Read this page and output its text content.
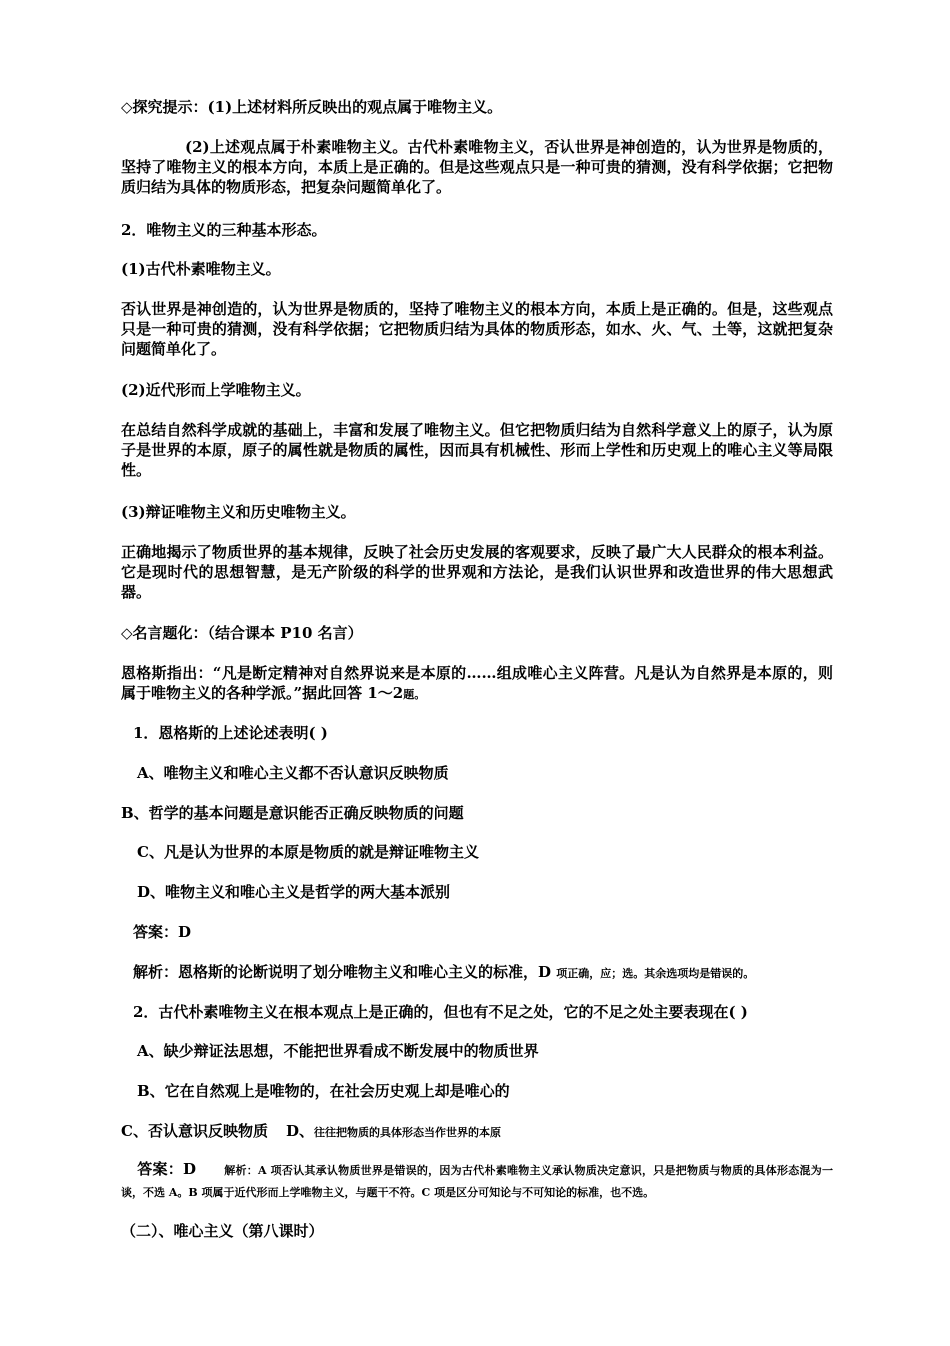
◇探究提示：(1)上述材料所反映出的观点属于唯物主义。

(2)上述观点属于朴素唯物主义。古代朴素唯物主义，否认世界是神创造的，认为世界是物质的，坚持了唯物主义的根本方向，本质上是正确的。但是这些观点只是一种可贵的猜测，没有科学依据；它把物质归结为具体的物质形态，把复杂问题简单化了。

2．唯物主义的三种基本形态。

(1)古代朴素唯物主义。

否认世界是神创造的，认为世界是物质的，坚持了唯物主义的根本方向，本质上是正确的。但是，这些观点只是一种可贵的猜测，没有科学依据；它把物质归结为具体的物质形态，如水、火、气、土等，这就把复杂问题简单化了。

(2)近代形而上学唯物主义。

在总结自然科学成就的基础上，丰富和发展了唯物主义。但它把物质归结为自然科学意义上的原子，认为原子是世界的本原，原子的属性就是物质的属性，因而具有机械性、形而上学性和历史观上的唯心主义等局限性。

(3)辩证唯物主义和历史唯物主义。

正确地揭示了物质世界的基本规律，反映了社会历史发展的客观要求，反映了最广大人民群众的根本利益。它是现时代的思想智慧，是无产阶级的科学的世界观和方法论，是我们认识世界和改造世界的伟大思想武器。

◇名言题化：（结合课本 P10 名言）

恩格斯指出：“凡是断定精神对自然界说来是本原的……组成唯心主义阵营。凡是认为自然界是本原的，则属于唯物主义的各种学派。”据此回答 1～2题。

1．恩格斯的上述论述表明( )

A、唯物主义和唯心主义都不否认意识反映物质

B、哲学的基本问题是意识能否正确反映物质的问题

C、凡是认为世界的本原是物质的就是辩证唯物主义

D、唯物主义和唯心主义是哲学的两大基本派别

答案：D

解析：恩格斯的论断说明了划分唯物主义和唯心主义的标准，D 项正确，应；选。其余选项均是错误的。

2．古代朴素唯物主义在根本观点上是正确的，但也有不足之处，它的不足之处主要表现在( )

A、缺少辩证法思想，不能把世界看成不断发展中的物质世界

B、它在自然观上是唯物的，在社会历史观上却是唯心的

C、否认意识反映物质 D、往往把物质的具体形态当作世界的本原

答案：D	解析：A 项否认其承认物质世界是错误的，因为古代朴素唯物主义承认物质决定意识，只是把物质与物质的具体形态混为一谈，不选 A。B 项属于近代形而上学唯物主义，与题干不符。C 项是区分可知论与不可知论的标准，也不选。

（二）、唯心主义（第八课时）
